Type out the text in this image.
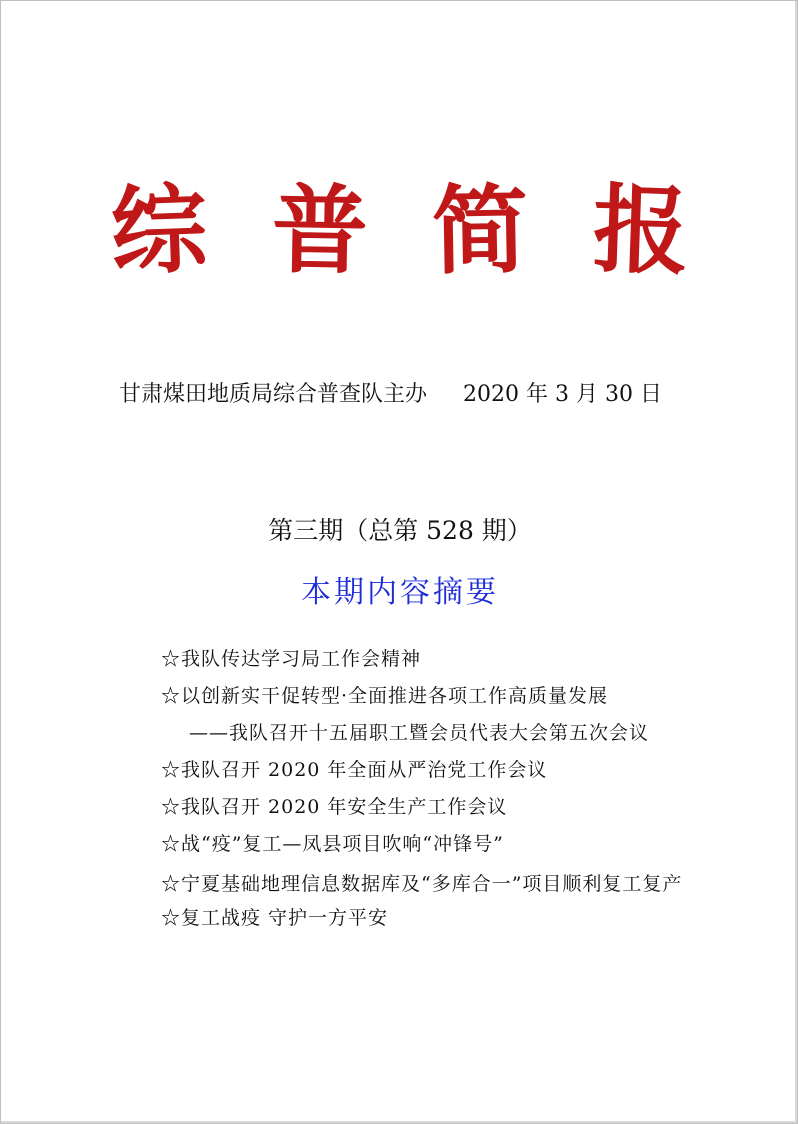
综 普 简 报
甘肃煤田地质局综合普查队主办 2020 年 3 月 30 日
第三期（总第 528 期）
本期内容摘要
☆我队传达学习局工作会精神
☆以创新实干促转型·全面推进各项工作高质量发展
——我队召开十五届职工暨会员代表大会第五次会议
☆我队召开 2020 年全面从严治党工作会议
☆我队召开 2020 年安全生产工作会议
☆战“疫”复工—凤县项目吹响“冲锋号”
☆宁夏基础地理信息数据库及“多库合一”项目顺利复工复产
☆复工战疫 守护一方平安
